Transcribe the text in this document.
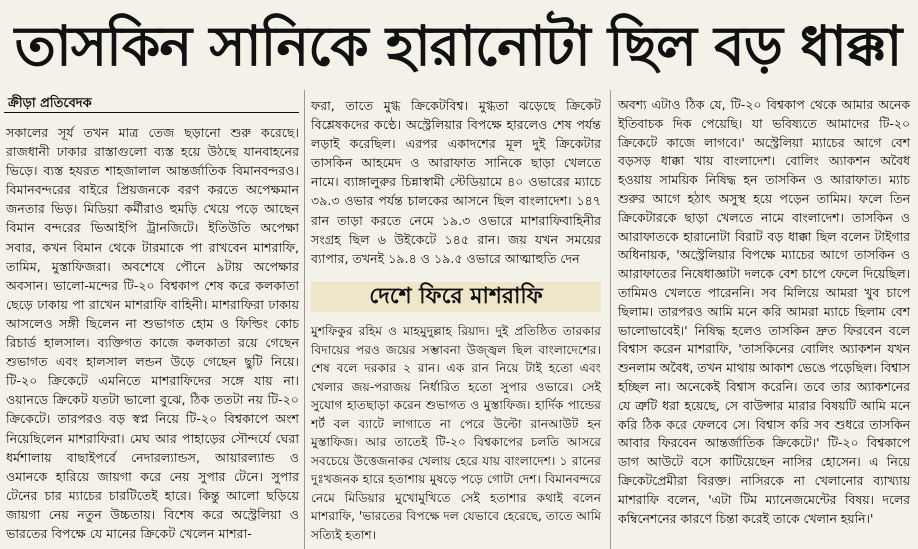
তাসকিন সানিকে হারানোটা ছিল বড় ধাক্কা
ক্রীড়া প্রতিবেদক

সকালের সূর্য তখন মাত্র তেজ ছড়ানো শুরু করেছে। রাজধানী ঢাকার রাস্তাগুলো ব্যস্ত হয়ে উঠছে যানবাহনের ভিড়ে। ব্যস্ত হযরত শাহজালাল আন্তর্জাতিক বিমানবন্দরও। বিমানবন্দরের বাইরে প্রিয়জনকে বরণ করতে অপেক্ষমান জনতার ভিড়। মিডিয়া কর্মীরাও হুমড়ি খেয়ে পড়ে আছেন বিমান বন্দরের ভিআইপি ট্রানজিটে। ইতিউতি অপেক্ষা সবার, কখন বিমান থেকে টারমাকে পা রাখবেন মাশরাফি, তামিম, মুস্তাফিজরা। অবশেষে পৌনে ৯টায় অপেক্ষার অবসান। ভালো-মন্দের টি-২০ বিশ্বকাপ শেষ করে কলকাতা ছেড়ে ঢাকায় পা রাখেন মাশরাফি বাহিনী। মাশরাফিরা ঢাকায় আসলেও সঙ্গী ছিলেন না শুভাগত হোম ও ফিল্ডিং কোচ রিচার্ড হালসাল। ব্যক্তিগত কাজে কলকাতা রয়ে গেছেন শুভাগত এবং হালসাল লন্ডন উড়ে গেছেন ছুটি নিয়ে। টি-২০ ক্রিকেটে এমনিতে মাশরাফিদের সঙ্গে যায় না। ওয়ানডে ক্রিকেট যতটা ভালো বুঝে, ঠিক ততটা নয় টি-২০ ক্রিকেটে। তারপরও বড় স্বপ্ন নিয়ে টি-২০ বিশ্বকাপে অংশ নিয়েছিলেন মাশরাফিরা। মেঘ আর পাহাড়ের সৌন্দর্যে ঘেরা ধর্মশালায় বাছাইপর্বে নেদারল্যান্ডস, আয়ারল্যান্ড ও ওমানকে হারিয়ে জায়গা করে নেয় সুপার টেনে। সুপার টেনের চার ম্যাচের চারটিতেই হারে। কিন্তু আলো ছড়িয়ে জায়গা নেয় নতুন উচ্চতায়। বিশেষ করে অস্ট্রেলিয়া ও ভারতের বিপক্ষে যে মানের ক্রিকেট খেলেন মাশরা-

ফরা, তাতে মুগ্ধ ক্রিকেটবিশ্ব। মুগ্ধতা ঝড়েছে ক্রিকেট বিশ্লেষকদের কণ্ঠে। অস্ট্রেলিয়ার বিপক্ষে হারলেও শেষ পর্যন্ত লড়াই করেছিল। এরপর একাদশের মূল দুই ক্রিকেটার তাসকিন আহমেদ ও আরাফাত সানিকে ছাড়া খেলতে নামে। ব্যাঙ্গালুরুর চিন্নাস্বামী স্টেডিয়ামে ৪০ ওভারের ম্যাচে ৩৯.৩ ওভার পর্যন্ত চালকের আসনে ছিল বাংলাদেশ। ১৪৭ রান তাড়া করতে নেমে ১৯.৩ ওভারে মাশরাফিবাহিনীর সংগ্রহ ছিল ৬ উইকেটে ১৪৫ রান। জয় যখন সময়ের ব্যাপার, তখনই ১৯.৪ ও ১৯.৫ ওভারে আত্মাহুতি দেন

দেশে ফিরে মাশরাফি

মুশফিকুর রহিম ও মাহমুদুল্লাহ রিয়াদ। দুই প্রতিষ্ঠিত তারকার বিদায়ের পরও জয়ের সম্ভাবনা উজ্জ্বল ছিল বাংলাদেশের। শেষ বলে দরকার ২ রান। এক রান নিয়ে টাই হতো এবং খেলার জয়-পরাজয় নির্ধারিত হতো সুপার ওভারে। সেই সুযোগ হাতছাড়া করেন শুভাগত ও মুস্তাফিজ। হার্দিক পান্ডের শর্ট বল ব্যাটে লাগাতে না পেরে উল্টো রানআউট হন মুস্তাফিজ। আর তাতেই টি-২০ বিশ্বকাপের চলতি আসরে সবচেয়ে উত্তেজনাকর খেলায় হেরে যায় বাংলাদেশ। ১ রানের দুঃখজনক হারে হতাশায় মুষড়ে পড়ে গোটা দেশ। বিমানবন্দরে নেমে মিডিয়ার মুখোমুখিতে সেই হতাশার কথাই বলেন মাশরাফি, 'ভারতের বিপক্ষে দল যেভাবে হেরেছে, তাতে আমি সত্যিই হতাশ।

অবশ্য এটাও ঠিক যে, টি-২০ বিশ্বকাপ থেকে আমার অনেক ইতিবাচক দিক পেয়েছি। যা ভবিষ্যতে আমাদের টি-২০ ক্রিকেটে কাজে লাগবে।' অস্ট্রেলিয়া ম্যাচের আগে বেশ বড়সড় ধাক্কা খায় বাংলাদেশ। বোলিং অ্যাকশন অবৈধ হওয়ায় সাময়িক নিষিদ্ধ হন তাসকিন ও আরাফাত। ম্যাচ শুরুর আগে হঠাৎ অসুস্থ হয়ে পড়েন তামিম। ফলে তিন ক্রিকেটারকে ছাড়া খেলতে নামে বাংলাদেশ। তাসকিন ও আরাফাতকে হারানোটা বিরাট বড় ধাক্কা ছিল বলেন টাইগার অধিনায়ক, 'অস্ট্রেলিয়ার বিপক্ষে ম্যাচের আগে তাসকিন ও আরাফাতের নিষেধাজ্ঞাটা দলকে বেশ চাপে ফেলে দিয়েছিল। তামিমও খেলতে পারেননি। সব মিলিয়ে আমরা খুব চাপে ছিলাম। তারপরও আমি মনে করি আমরা ম্যাচে ছিলাম বেশ ভালোভাবেই।' নিষিদ্ধ হলেও তাসকিন দ্রুত ফিরবেন বলে বিশ্বাস করেন মাশরাফি, 'তাসকিনের বোলিং অ্যাকশন যখন শুনলাম অবৈধ, তখন মাথায় আকাশ ভেঙে পড়েছিল। বিশ্বাস হচ্ছিল না। অনেকেই বিশ্বাস করেনি। তবে তার অ্যাকশনের যে ত্রুটি ধরা হয়েছে, সে বাউন্সার মারার বিষয়টি আমি মনে করি ঠিক করে ফেলবে সে। বিশ্বাস করি সব শুধরে তাসকিন আবার ফিরবেন আন্তর্জাতিক ক্রিকেটে।' টি-২০ বিশ্বকাপে ডাগ আউটে বসে কাটিয়েছেন নাসির হোসেন। এ নিয়ে ক্রিকেটপ্রেমীরা বিরক্ত। নাসিরকে না খেলানোর ব্যাখ্যায় মাশরাফি বলেন, 'এটা টিম ম্যানেজমেন্টের বিষয়। দলের কম্বিনেশনের কারণে চিন্তা করেই তাকে খেলান হয়নি।'
